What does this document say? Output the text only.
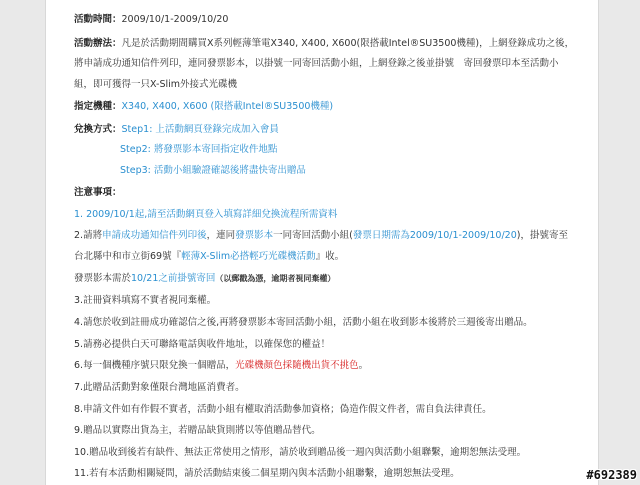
活動時間：2009/10/1-2009/10/20
活動辦法：凡是於活動期間購買X系列輕薄筆電X340, X400, X600(限搭載Intel®SU3500機種)，上網登錄成功之後，
將申請成功通知信件列印，連同發票影本，以掛號一同寄回活動小組，上網登錄之後並掛號　寄回發票印本至活動小
組，即可獲得一只X-Slim外接式光碟機
指定機種：X340, X400, X600 (限搭載Intel®SU3500機種)
兌換方式：Step1: 上活動網頁登錄完成加入會員
Step2: 將發票影本寄回指定收件地點
Step3: 活動小組驗證確認後將盡快寄出贈品
注意事項：
1. 2009/10/1起,請至活動網頁登入填寫詳細兌換流程所需資料
2.請將申請成功通知信件列印後，連同發票影本一同寄回活動小組(發票日期需為2009/10/1-2009/10/20)，掛號寄至
台北縣中和市立街69號『輕薄X-Slim必搭輕巧光碟機活動』收。
發票影本需於10/21之前掛號寄回（以郵戳為憑，逾期者視同棄權）
3.註冊資料填寫不實者視同棄權。
4.請您於收到註冊成功確認信之後,再將發票影本寄回活動小組，活動小組在收到影本後將於三週後寄出贈品。
5.請務必提供白天可聯絡電話與收件地址，以確保您的權益！
6.每一個機種序號只限兌換一個贈品，光碟機顏色採隨機出貨不挑色。
7.此贈品活動對象僅限台灣地區消費者。
8.申請文件如有作假不實者，活動小組有權取消活動參加資格；偽造作假文件者，需自負法律責任。
9.贈品以實際出貨為主，若贈品缺貨則將以等值贈品替代。
10.贈品收到後若有缺件、無法正常使用之情形，請於收到贈品後一週內與活動小組聯繫，逾期恕無法受理。
11.若有本活動相關疑問，請於活動結束後二個星期內與本活動小組聯繫，逾期恕無法受理。	#692389
